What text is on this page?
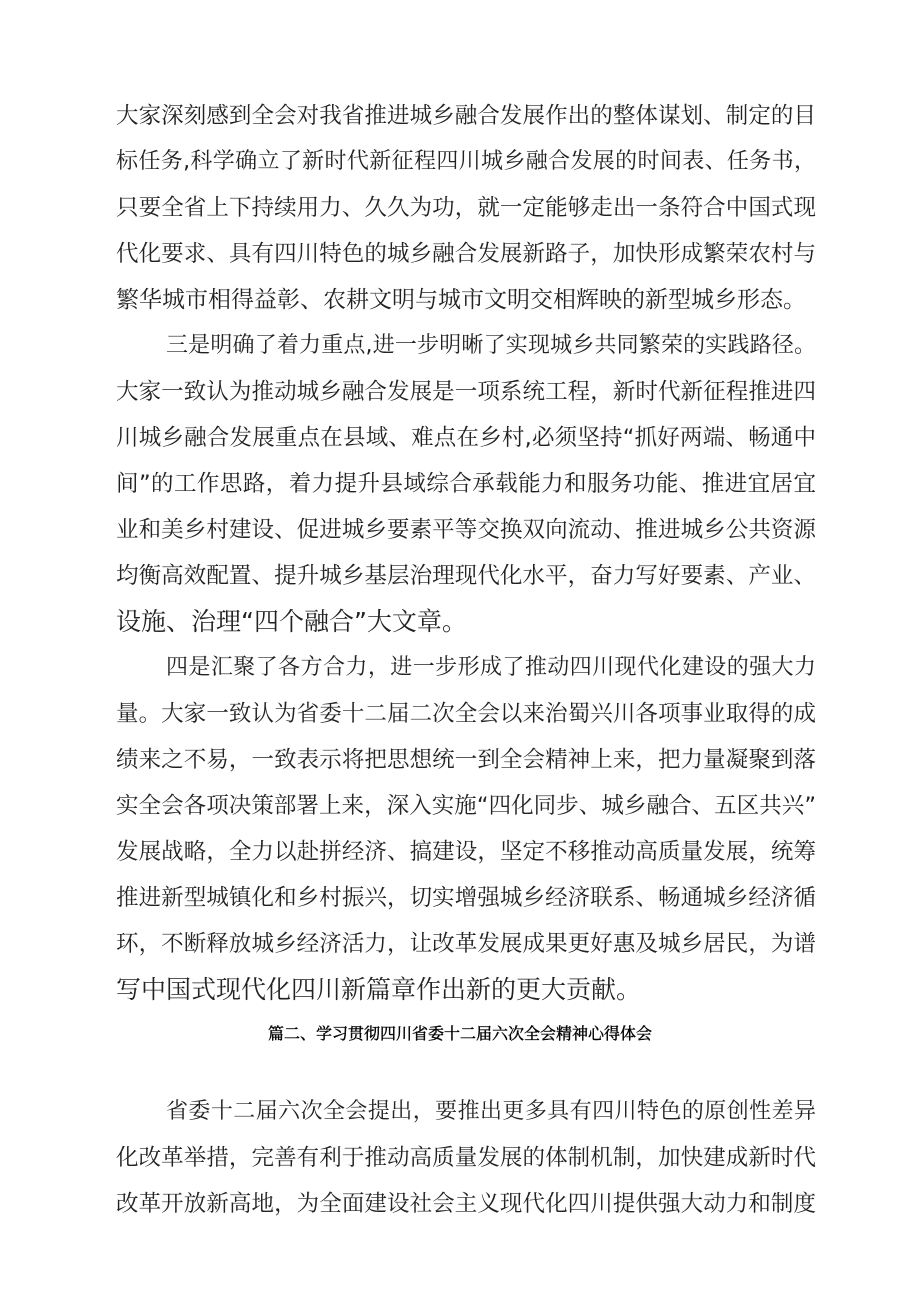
大家深刻感到全会对我省推进城乡融合发展作出的整体谋划、制定的目
标任务,科学确立了新时代新征程四川城乡融合发展的时间表、任务书，
只要全省上下持续用力、久久为功，就一定能够走出一条符合中国式现
代化要求、具有四川特色的城乡融合发展新路子，加快形成繁荣农村与
繁华城市相得益彰、农耕文明与城市文明交相辉映的新型城乡形态。
三是明确了着力重点,进一步明晰了实现城乡共同繁荣的实践路径。
大家一致认为推动城乡融合发展是一项系统工程，新时代新征程推进四
川城乡融合发展重点在县域、难点在乡村,必须坚持“抓好两端、畅通中
间”的工作思路，着力提升县域综合承载能力和服务功能、推进宜居宜
业和美乡村建设、促进城乡要素平等交换双向流动、推进城乡公共资源
均衡高效配置、提升城乡基层治理现代化水平，奋力写好要素、产业、
设施、治理“四个融合”大文章。
四是汇聚了各方合力，进一步形成了推动四川现代化建设的强大力
量。大家一致认为省委十二届二次全会以来治蜀兴川各项事业取得的成
绩来之不易，一致表示将把思想统一到全会精神上来，把力量凝聚到落
实全会各项决策部署上来，深入实施“四化同步、城乡融合、五区共兴”
发展战略，全力以赴拼经济、搞建设，坚定不移推动高质量发展，统筹
推进新型城镇化和乡村振兴，切实增强城乡经济联系、畅通城乡经济循
环，不断释放城乡经济活力，让改革发展成果更好惠及城乡居民，为谱
写中国式现代化四川新篇章作出新的更大贡献。
篇二、学习贯彻四川省委十二届六次全会精神心得体会
省委十二届六次全会提出，要推出更多具有四川特色的原创性差异
化改革举措，完善有利于推动高质量发展的体制机制，加快建成新时代
改革开放新高地，为全面建设社会主义现代化四川提供强大动力和制度
